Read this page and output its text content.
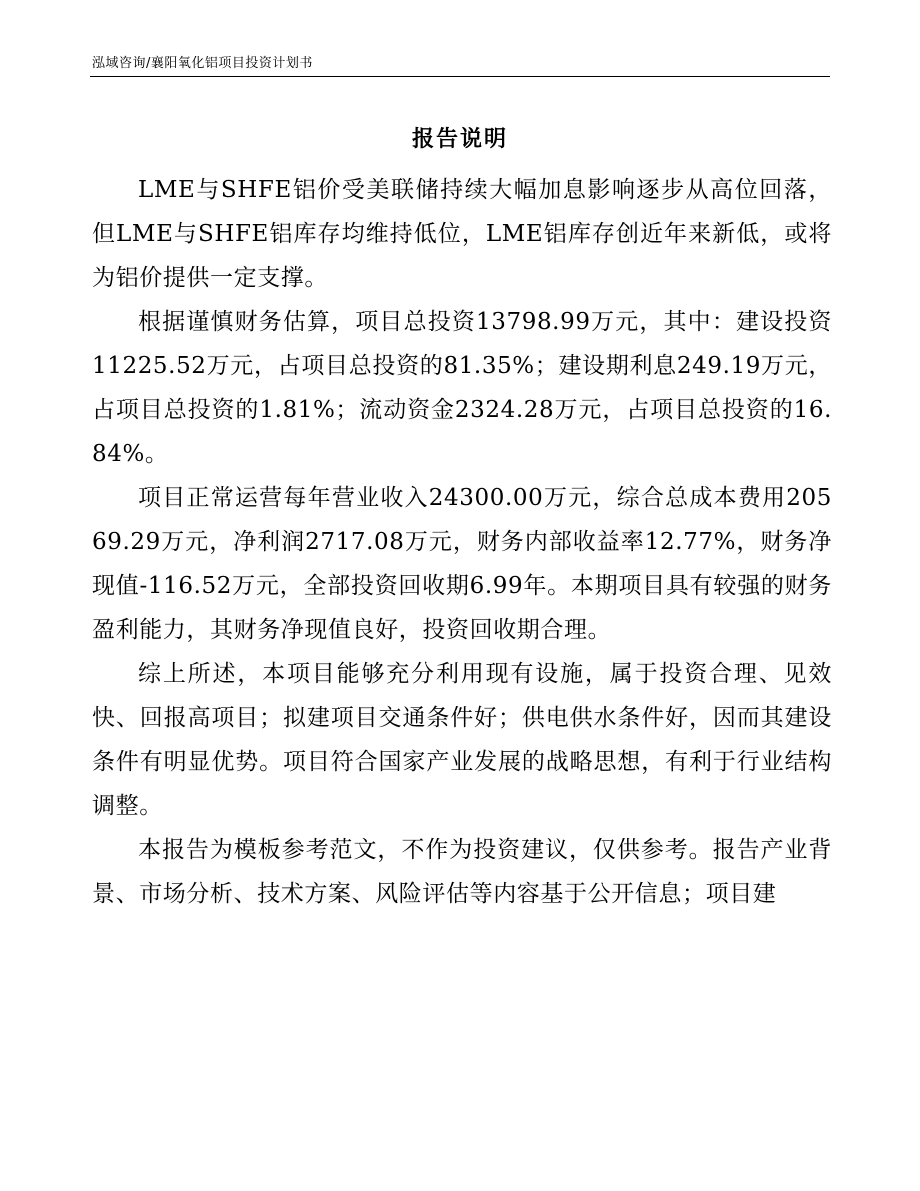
泓域咨询/襄阳氧化铝项目投资计划书
报告说明

LME与SHFE铝价受美联储持续大幅加息影响逐步从高位回落，但LME与SHFE铝库存均维持低位，LME铝库存创近年来新低，或将为铝价提供一定支撑。

根据谨慎财务估算，项目总投资13798.99万元，其中：建设投资11225.52万元，占项目总投资的81.35%；建设期利息249.19万元，占项目总投资的1.81%；流动资金2324.28万元，占项目总投资的16.84%。

项目正常运营每年营业收入24300.00万元，综合总成本费用20569.29万元，净利润2717.08万元，财务内部收益率12.77%，财务净现值-116.52万元，全部投资回收期6.99年。本期项目具有较强的财务盈利能力，其财务净现值良好，投资回收期合理。

综上所述，本项目能够充分利用现有设施，属于投资合理、见效快、回报高项目；拟建项目交通条件好；供电供水条件好，因而其建设条件有明显优势。项目符合国家产业发展的战略思想，有利于行业结构调整。

本报告为模板参考范文，不作为投资建议，仅供参考。报告产业背景、市场分析、技术方案、风险评估等内容基于公开信息；项目建
